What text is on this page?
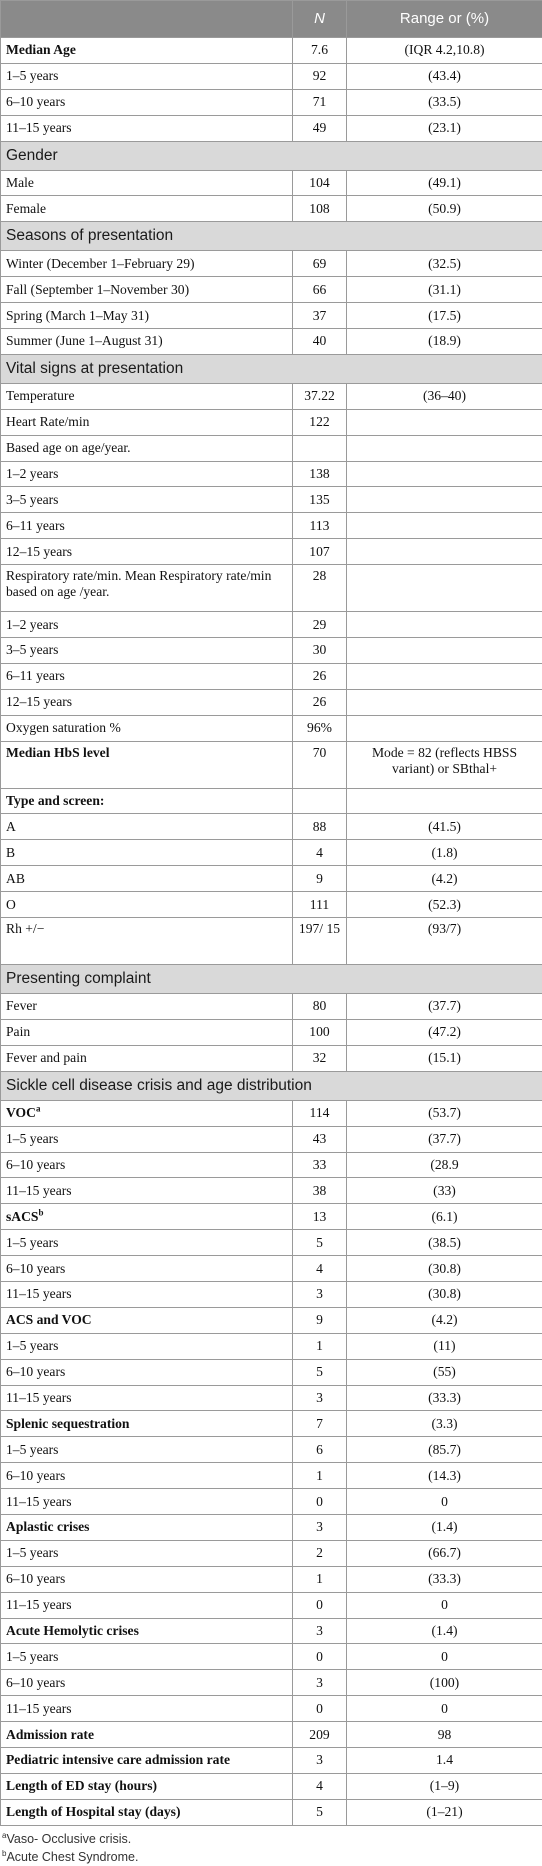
	N	Range or (%)
Median Age	7.6	(IQR 4.2,10.8)
1–5 years	92	(43.4)
6–10 years	71	(33.5)
11–15 years	49	(23.1)
Gender		
Male	104	(49.1)
Female	108	(50.9)
Seasons of presentation		
Winter (December 1–February 29)	69	(32.5)
Fall (September 1–November 30)	66	(31.1)
Spring (March 1–May 31)	37	(17.5)
Summer (June 1–August 31)	40	(18.9)
Vital signs at presentation		
Temperature	37.22	(36–40)
Heart Rate/min	122	
Based age on age/year.		
1–2 years	138	
3–5 years	135	
6–11 years	113	
12–15 years	107	
Respiratory rate/min. Mean Respiratory rate/min based on age /year.	28	
1–2 years	29	
3–5 years	30	
6–11 years	26	
12–15 years	26	
Oxygen saturation %	96%	
Median HbS level	70	Mode = 82 (reflects HBSS variant) or SBthal+
Type and screen:		
A	88	(41.5)
B	4	(1.8)
AB	9	(4.2)
O	111	(52.3)
Rh +/−	197/ 15	(93/7)
Presenting complaint		
Fever	80	(37.7)
Pain	100	(47.2)
Fever and pain	32	(15.1)
Sickle cell disease crisis and age distribution		
VOC$^a$	114	(53.7)
1–5 years	43	(37.7)
6–10 years	33	(28.9
11–15 years	38	(33)
sACS$^b$	13	(6.1)
1–5 years	5	(38.5)
6–10 years	4	(30.8)
11–15 years	3	(30.8)
ACS and VOC	9	(4.2)
1–5 years	1	(11)
6–10 years	5	(55)
11–15 years	3	(33.3)
Splenic sequestration	7	(3.3)
1–5 years	6	(85.7)
6–10 years	1	(14.3)
11–15 years	0	0
Aplastic crises	3	(1.4)
1–5 years	2	(66.7)
6–10 years	1	(33.3)
11–15 years	0	0
Acute Hemolytic crises	3	(1.4)
1–5 years	0	0
6–10 years	3	(100)
11–15 years	0	0
Admission rate	209	98
Pediatric intensive care admission rate	3	1.4
Length of ED stay (hours)	4	(1–9)
Length of Hospital stay (days)	5	(1–21)
$^a$Vaso- Occlusive crisis.
$^b$Acute Chest Syndrome.
